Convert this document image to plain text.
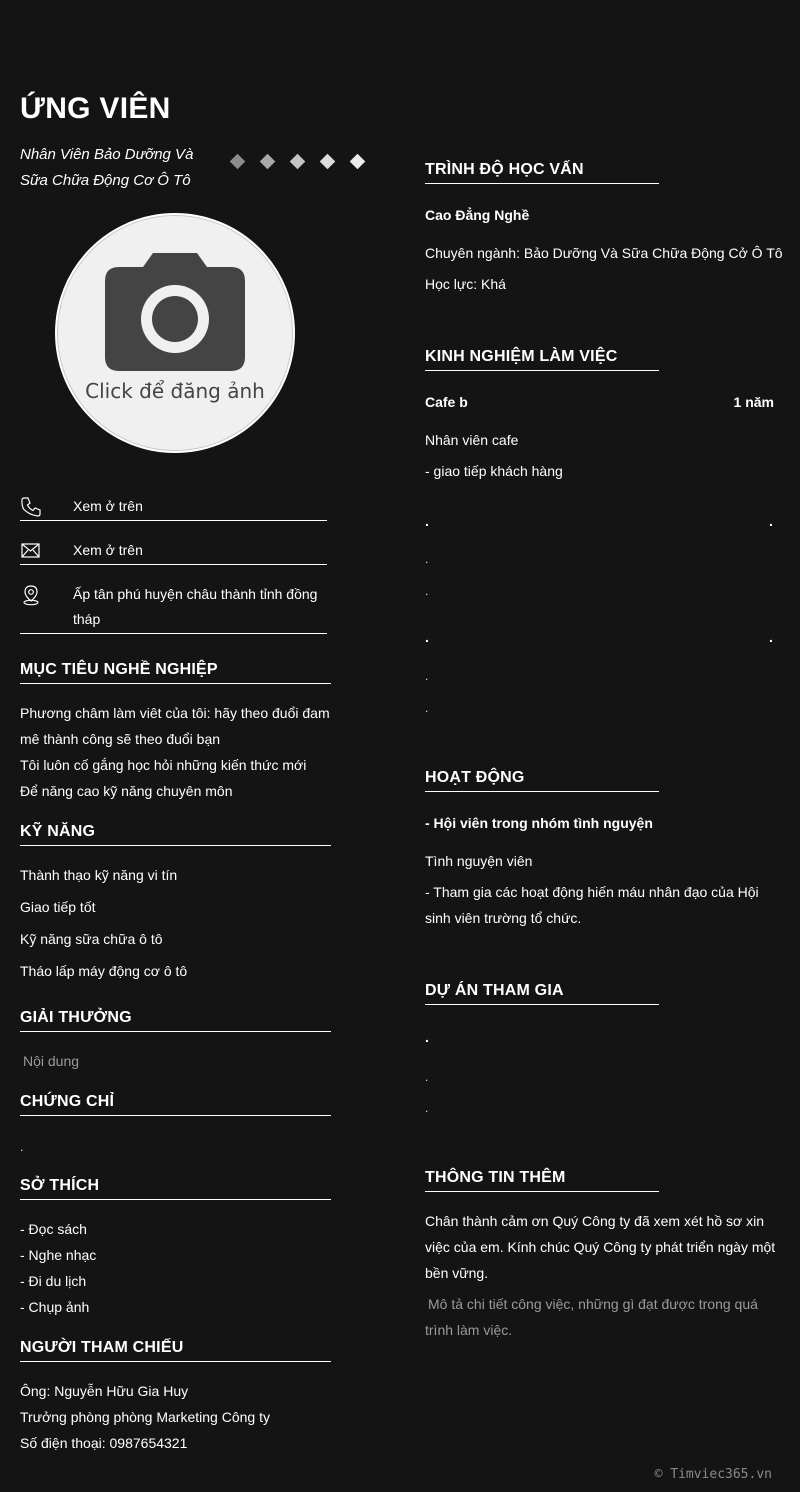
ỨNG VIÊN
Nhân Viên Bảo Dưỡng Và
Sữa Chữa Động Cơ Ô Tô
Click để đăng ảnh
Xem ở trên
Xem ở trên
Ấp tân phú huyện châu thành tỉnh đồng
tháp
MỤC TIÊU NGHỀ NGHIỆP
Phương châm làm viêt của tôi: hãy theo đuổi đam
mê thành công sẽ theo đuổi bạn
Tôi luôn cố gắng học hỏi những kiến thức mới
Để năng cao kỹ năng chuyên môn
KỸ NĂNG
Thành thạo kỹ năng vi tín
Giao tiếp tốt
Kỹ năng sữa chữa ô tô
Tháo lấp máy động cơ ô tô
GIẢI THƯỞNG
Nội dung
CHỨNG CHỈ
.
SỞ THÍCH
- Đọc sách
- Nghe nhạc
- Đi du lịch
- Chụp ảnh
NGƯỜI THAM CHIẾU
Ông: Nguyễn Hữu Gia Huy
Trưởng phòng phòng Marketing Công ty
Số điện thoại: 0987654321
TRÌNH ĐỘ HỌC VẤN
Cao Đẳng Nghề
Chuyên ngành: Bảo Dưỡng Và Sữa Chữa Động Cở Ô Tô
Học lực: Khá
KINH NGHIỆM LÀM VIỆC
Cafe b	1 năm
Nhân viên cafe
- giao tiếp khách hàng
.	.
.
.
.	.
.
.
HOẠT ĐỘNG
- Hội viên trong nhóm tình nguyện
Tình nguyện viên
- Tham gia các hoạt động hiến máu nhân đạo của Hội
sinh viên trường tổ chức.
DỰ ÁN THAM GIA
.
.
.
THÔNG TIN THÊM
Chân thành cảm ơn Quý Công ty đã xem xét hồ sơ xin
việc của em. Kính chúc Quý Công ty phát triển ngày một
bền vững.
Mô tả chi tiết công việc, những gì đạt được trong quá
trình làm việc.
© Timviec365.vn
